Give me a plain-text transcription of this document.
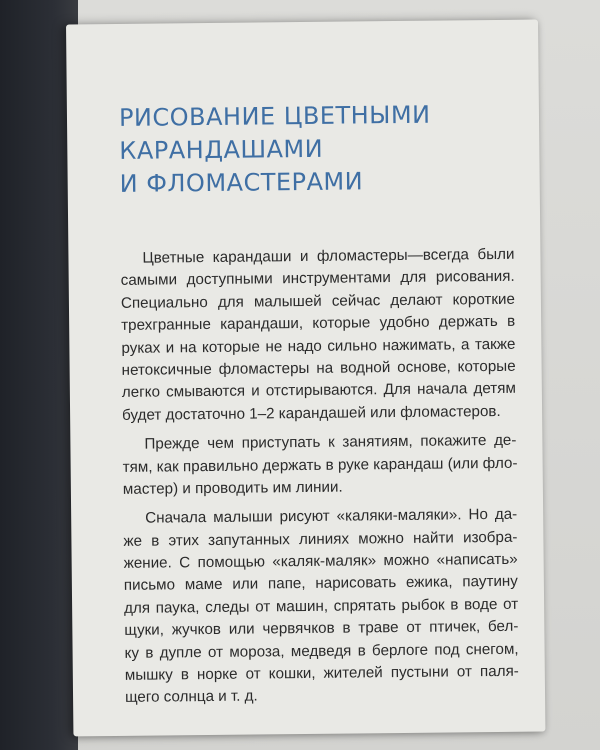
РИСОВАНИЕ ЦВЕТНЫМИ
КАРАНДАШАМИ
И ФЛОМАСТЕРАМИ
Цветные карандаши и фломастеры—всегда были
самыми доступными инструментами для рисования.
Специально для малышей сейчас делают короткие
трехгранные карандаши, которые удобно держать в
руках и на которые не надо сильно нажимать, а также
нетоксичные фломастеры на водной основе, которые
легко смываются и отстирываются. Для начала детям
будет достаточно 1–2 карандашей или фломастеров.
Прежде чем приступать к занятиям, покажите де-
тям, как правильно держать в руке карандаш (или фло-
мастер) и проводить им линии.
Сначала малыши рисуют «каляки-маляки». Но да-
же в этих запутанных линиях можно найти изобра-
жение. С помощью «каляк-маляк» можно «написать»
письмо маме или папе, нарисовать ежика, паутину
для паука, следы от машин, спрятать рыбок в воде от
щуки, жучков или червячков в траве от птичек, бел-
ку в дупле от мороза, медведя в берлоге под снегом,
мышку в норке от кошки, жителей пустыни от паля-
щего солнца и т. д.
